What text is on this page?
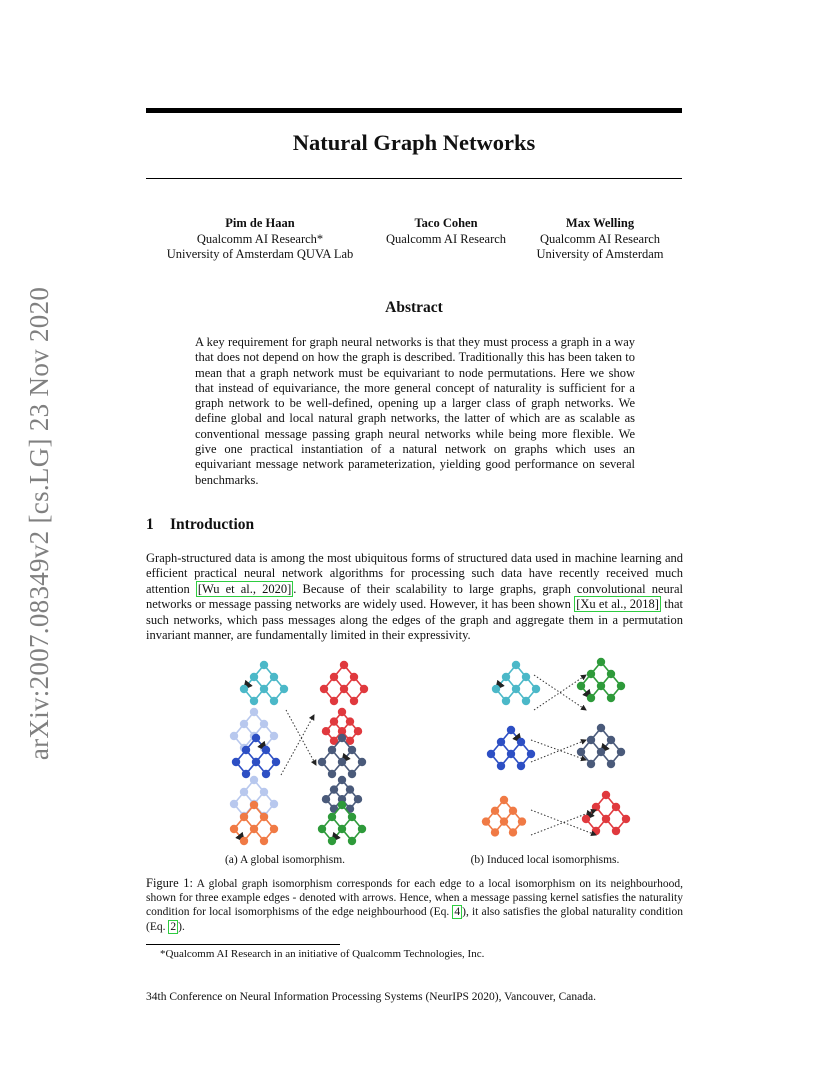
arXiv:2007.08349v2 [cs.LG] 23 Nov 2020
Natural Graph Networks
Pim de Haan
Qualcomm AI Research*
University of Amsterdam QUVA Lab
Taco Cohen
Qualcomm AI Research
Max Welling
Qualcomm AI Research
University of Amsterdam
Abstract
A key requirement for graph neural networks is that they must process a graph in a way that does not depend on how the graph is described. Traditionally this has been taken to mean that a graph network must be equivariant to node permutations. Here we show that instead of equivariance, the more general concept of naturality is sufficient for a graph network to be well-defined, opening up a larger class of graph networks. We define global and local natural graph networks, the latter of which are as scalable as conventional message passing graph neural networks while being more flexible. We give one practical instantiation of a natural network on graphs which uses an equivariant message network parameterization, yielding good performance on several benchmarks.
1 Introduction
Graph-structured data is among the most ubiquitous forms of structured data used in machine learning and efficient practical neural network algorithms for processing such data have recently received much attention [Wu et al., 2020] . Because of their scalability to large graphs, graph convolutional neural networks or message passing networks are widely used. However, it has been shown [Xu et al., 2018] that such networks, which pass messages along the edges of the graph and aggregate them in a permutation invariant manner, are fundamentally limited in their expressivity.
(a) A global isomorphism.	(b) Induced local isomorphisms.
Figure 1: A global graph isomorphism corresponds for each edge to a local isomorphism on its neighbourhood, shown for three example edges - denoted with arrows. Hence, when a message passing kernel satisfies the naturality condition for local isomorphisms of the edge neighbourhood (Eq. 4 ), it also satisfies the global naturality condition (Eq. 2 ).
*Qualcomm AI Research in an initiative of Qualcomm Technologies, Inc.
34th Conference on Neural Information Processing Systems (NeurIPS 2020), Vancouver, Canada.
